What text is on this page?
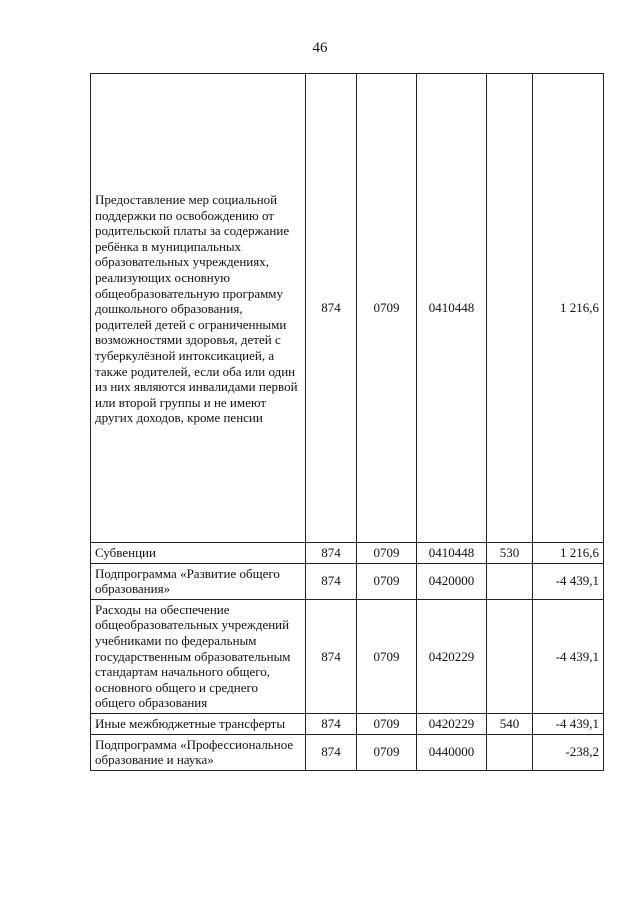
46
Предоставление мер социальной поддержки по освобождению от родительской платы за содержание ребёнка в муниципальных образовательных учреждениях, реализующих основную общеобразовательную программу дошкольного образования, родителей детей с ограниченными возможностями здоровья, детей с туберкулёзной интоксикацией, а также родителей, если оба или один из них являются инвалидами первой или второй группы и не имеют других доходов, кроме пенсии	874	0709	0410448		1 216,6
Субвенции	874	0709	0410448	530	1 216,6
Подпрограмма «Развитие общего образования»	874	0709	0420000		-4 439,1
Расходы на обеспечение общеобразовательных учреждений учебниками по федеральным государственным образовательным стандартам начального общего, основного общего и среднего общего образования	874	0709	0420229		-4 439,1
Иные межбюджетные трансферты	874	0709	0420229	540	-4 439,1
Подпрограмма «Профессиональное образование и наука»	874	0709	0440000		-238,2
